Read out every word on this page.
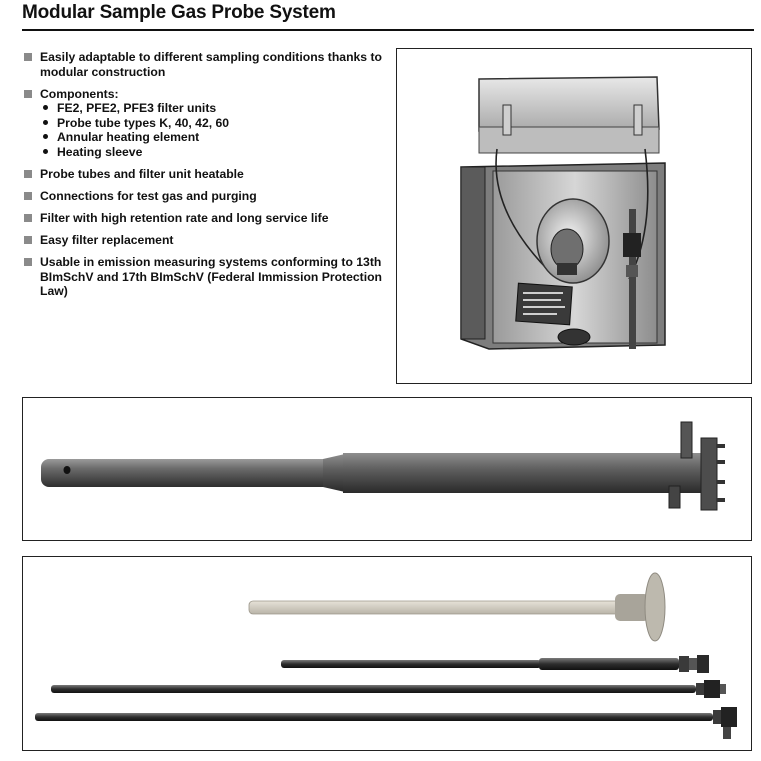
Modular Sample Gas Probe System
Easily adaptable to different sampling conditions thanks to modular construction
Components:
FE2, PFE2, PFE3 filter units
Probe tube types K, 40, 42, 60
Annular heating element
Heating sleeve
Probe tubes and filter unit heatable
Connections for test gas and purging
Filter with high retention rate and long service life
Easy filter replacement
Usable in emission measuring systems conforming to 13th BImSchV and 17th BImSchV (Federal Immission Protection Law)
